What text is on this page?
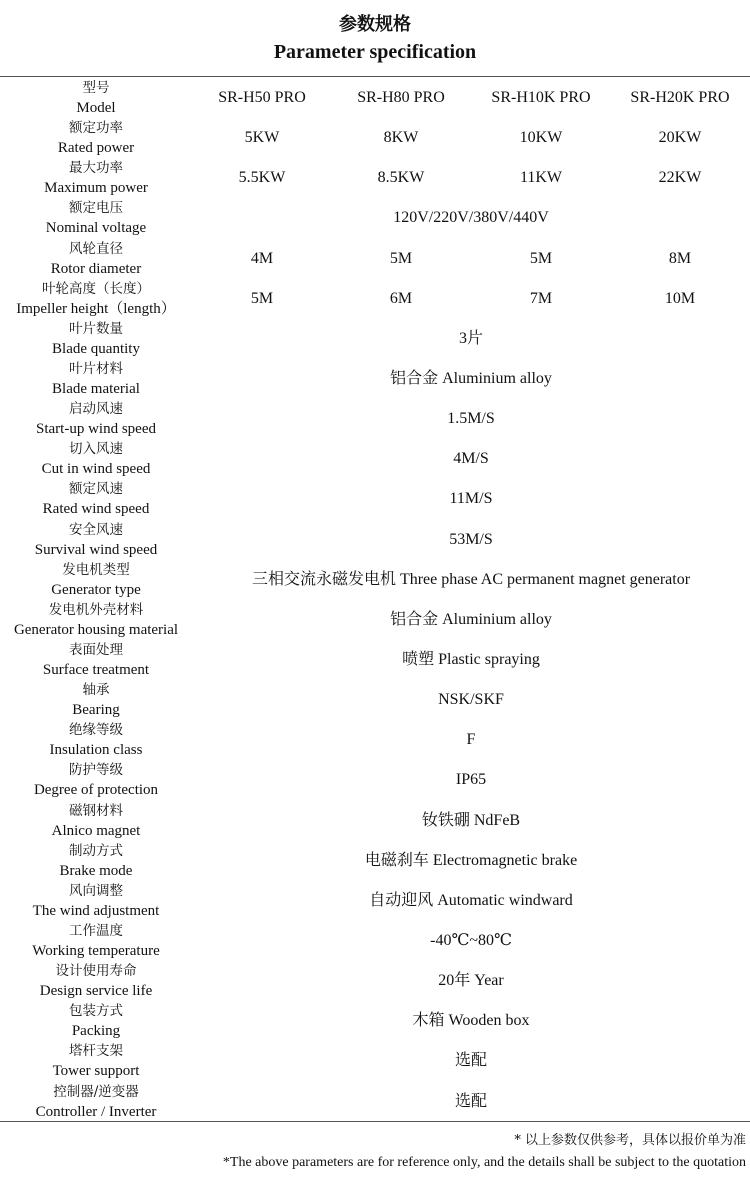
参数规格
Parameter specification
型号
Model
SR-H50 PRO	SR-H80 PRO	SR-H10K PRO	SR-H20K PRO
额定功率
Rated power
5KW	8KW	10KW	20KW
最大功率
Maximum power
5.5KW	8.5KW	11KW	22KW
额定电压
Nominal voltage
120V/220V/380V/440V
风轮直径
Rotor diameter
4M	5M	5M	8M
叶轮高度（长度）
Impeller height（length）
5M	6M	7M	10M
叶片数量
Blade quantity
3片
叶片材料
Blade material
铝合金 Aluminium alloy
启动风速
Start-up wind speed
1.5M/S
切入风速
Cut in wind speed
4M/S
额定风速
Rated wind speed
11M/S
安全风速
Survival wind speed
53M/S
发电机类型
Generator type
三相交流永磁发电机 Three phase AC permanent magnet generator
发电机外壳材料
Generator housing material
铝合金 Aluminium alloy
表面处理
Surface treatment
喷塑 Plastic spraying
轴承
Bearing
NSK/SKF
绝缘等级
Insulation class
F
防护等级
Degree of protection
IP65
磁钢材料
Alnico magnet
钕铁硼 NdFeB
制动方式
Brake mode
电磁刹车 Electromagnetic brake
风向调整
The wind adjustment
自动迎风 Automatic windward
工作温度
Working temperature
-40℃~80℃
设计使用寿命
Design service life
20年 Year
包装方式
Packing
木箱 Wooden box
塔杆支架
Tower support
选配
控制器/逆变器
Controller / Inverter
选配
* 以上参数仅供参考，具体以报价单为准
*The above parameters are for reference only, and the details shall be subject to the quotation
